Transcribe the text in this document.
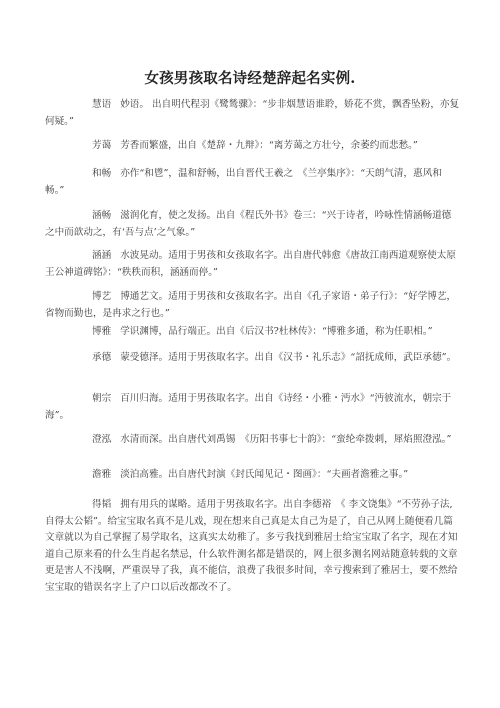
女孩男孩取名诗经楚辞起名实例.
慧语 妙语。 出自明代程羽《鹭鸶骤》：“步非烟慧语谁聆，娇花不赏，飘香坠粉，亦复何疑。”
芳蔼 芳香而繁盛，出自《楚辞・九辩》：“离芳蔼之方壮兮，余萎约而悲愁。”
和畅 亦作“和鬯”，温和舒畅，出自晋代王羲之　《兰亭集序》：“天朗气清，惠风和畅。”
涵畅 滋润化育，使之发扬。出自《程氏外书》卷三：“兴于诗者，吟咏性情涵畅道德之中而歆动之，有‘吾与点’之气象。”
涵涵 水波晃动。适用于男孩和女孩取名字。出自唐代韩愈《唐故江南西道观察使太原王公神道碑铭》：“秩秩而积，涵涵而停。”
博艺 博通艺文。适用于男孩和女孩取名字。出自《孔子家语・弟子行》：“好学博艺，省物而勤也，是冉求之行也。”
博雅 学识渊博，品行端正。出自《后汉书?杜林传》：“博雅多通，称为任职相。”
承德 蒙受德泽。适用于男孩取名字。出自《汉书・礼乐志》“詔抚成师，武臣承德”。
朝宗 百川归海。适用于男孩取名字。出自《诗经・小雅・沔水》“沔彼流水，朝宗于海”。
澄泓 水清而深。出自唐代刘禹锡　《历阳书事七十韵》：“蛮纶牵拨刺，犀焰照澄泓。”
澹雅 淡泊高雅。出自唐代封演《封氏闻见记・图画》：“夫画者澹雅之事。”
得韬 拥有用兵的谋略。适用于男孩取名字。出自李德裕　《 李文饶集》“不劳孙子法,自得太公韬”。给宝宝取名真不是儿戏，现在想来自己真是太自己为是了，自己从网上随便看几篇文章就以为自己掌握了易学取名，这真实太幼稚了。多亏我找到雅居士给宝宝取了名字，现在才知道自己原来看的什么生肖起名禁忌，什么软件测名都是错误的，网上很多测名网站随意转载的文章更是害人不浅啊，严重误导了我，真不能信，浪费了我很多时间，幸亏搜索到了雅居士，要不然给宝宝取的错误名字上了户口以后改都改不了。
